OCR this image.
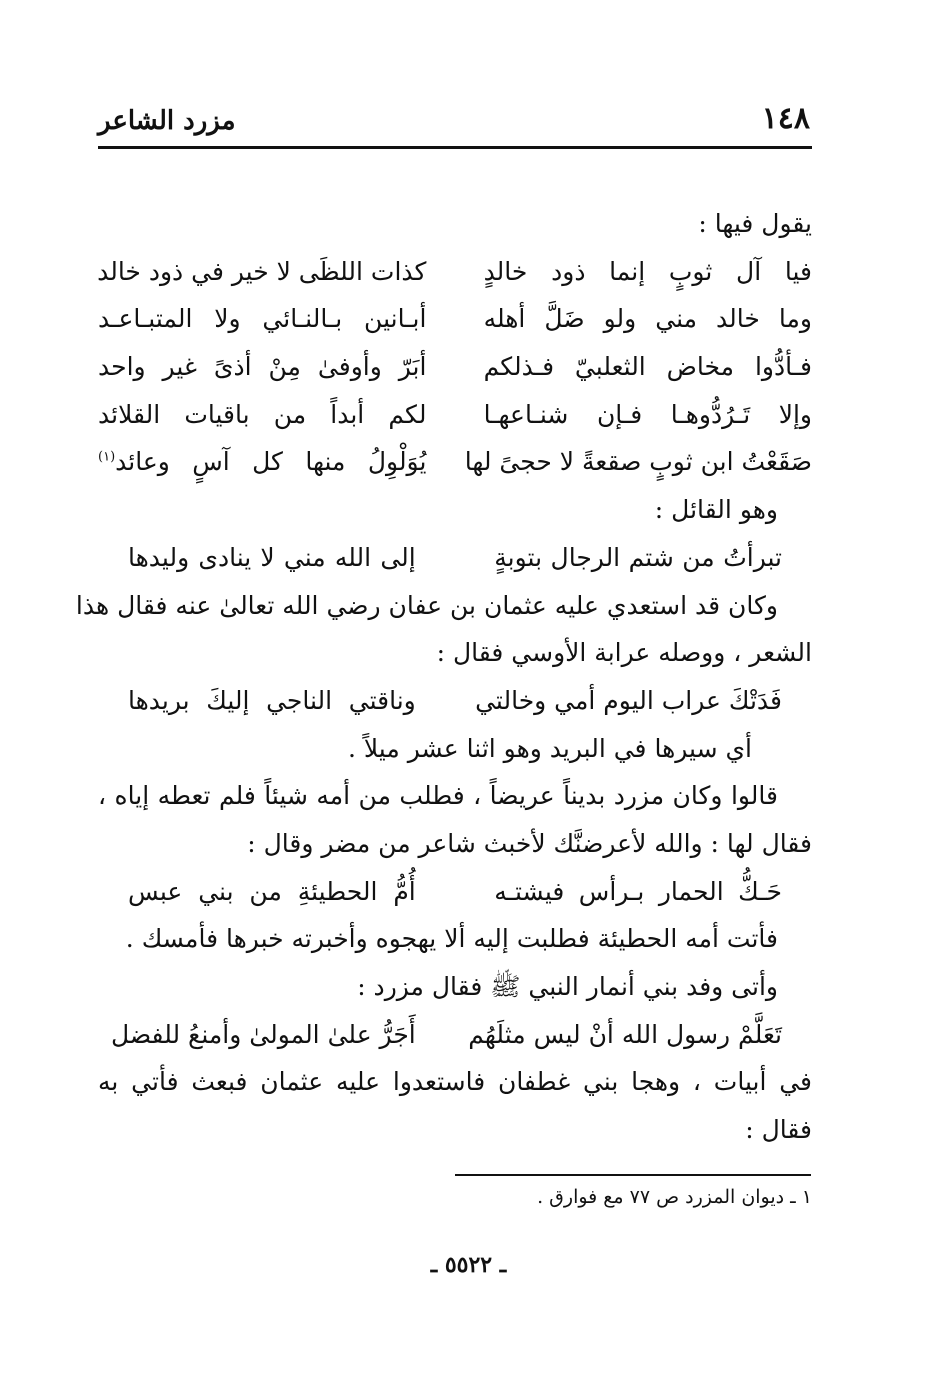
١٤٨
مزرد الشاعر
يقول فيها :
فيا آل ثوبٍ إنما ذود خالدٍ
كذات اللظَى لا خير في ذود خالد
وما خالد مني ولو ضَلَّ أهله
أبـانين بـالنـائي ولا المتبـاعـد
فـأدُّوا مخاض الثعلبيّ فـذلكم
أبَرّ وأوفىٰ مِنْ أذىً غير واحد
وإلا تَـرُدُّوهـا فـإن شنـاعهـا
لكم أبداً من باقيات القلائد
صَقَعْتُ ابن ثوبٍ صقعةً لا حجىً لها
يُوَلْوِلُ منها كل آسٍ وعائد$^{(١)}$
وهو القائل :
تبرأتُ من شتم الرجال بتوبةٍ
إلى الله مني لا ينادى وليدها
وكان قد استعدي عليه عثمان بن عفان رضي الله تعالىٰ عنه فقال هذا
الشعر ، ووصله عرابة الأوسي فقال :
فَدَتْكَ عراب اليوم أمي وخالتي
وناقتي الناجي إليكَ بريدها
أي سيرها في البريد وهو اثنا عشر ميلاً .
قالوا وكان مزرد بديناً عريضاً ، فطلب من أمه شيئاً فلم تعطه إياه ،
فقال لها : والله لأعرضنَّك لأخبث شاعر من مضر وقال :
حَـكُّ الحمار بـرأس فيشتـه
أُمُّ الحطيئةِ من بني عبس
فأتت أمه الحطيئة فطلبت إليه ألا يهجوه وأخبرته خبرها فأمسك .
وأتى وفد بني أنمار النبي ﷺ فقال مزرد :
تَعَلَّمْ رسول الله أنْ ليس مثلَهُم
أَجَرُّ علىٰ المولىٰ وأمنعُ للفضل
في أبيات ، وهجا بني غطفان فاستعدوا عليه عثمان فبعث فأتي به
فقال :
١ ـ ديوان المزرد ص ٧٧ مع فوارق .
ـ ٥٥٢٢ ـ
